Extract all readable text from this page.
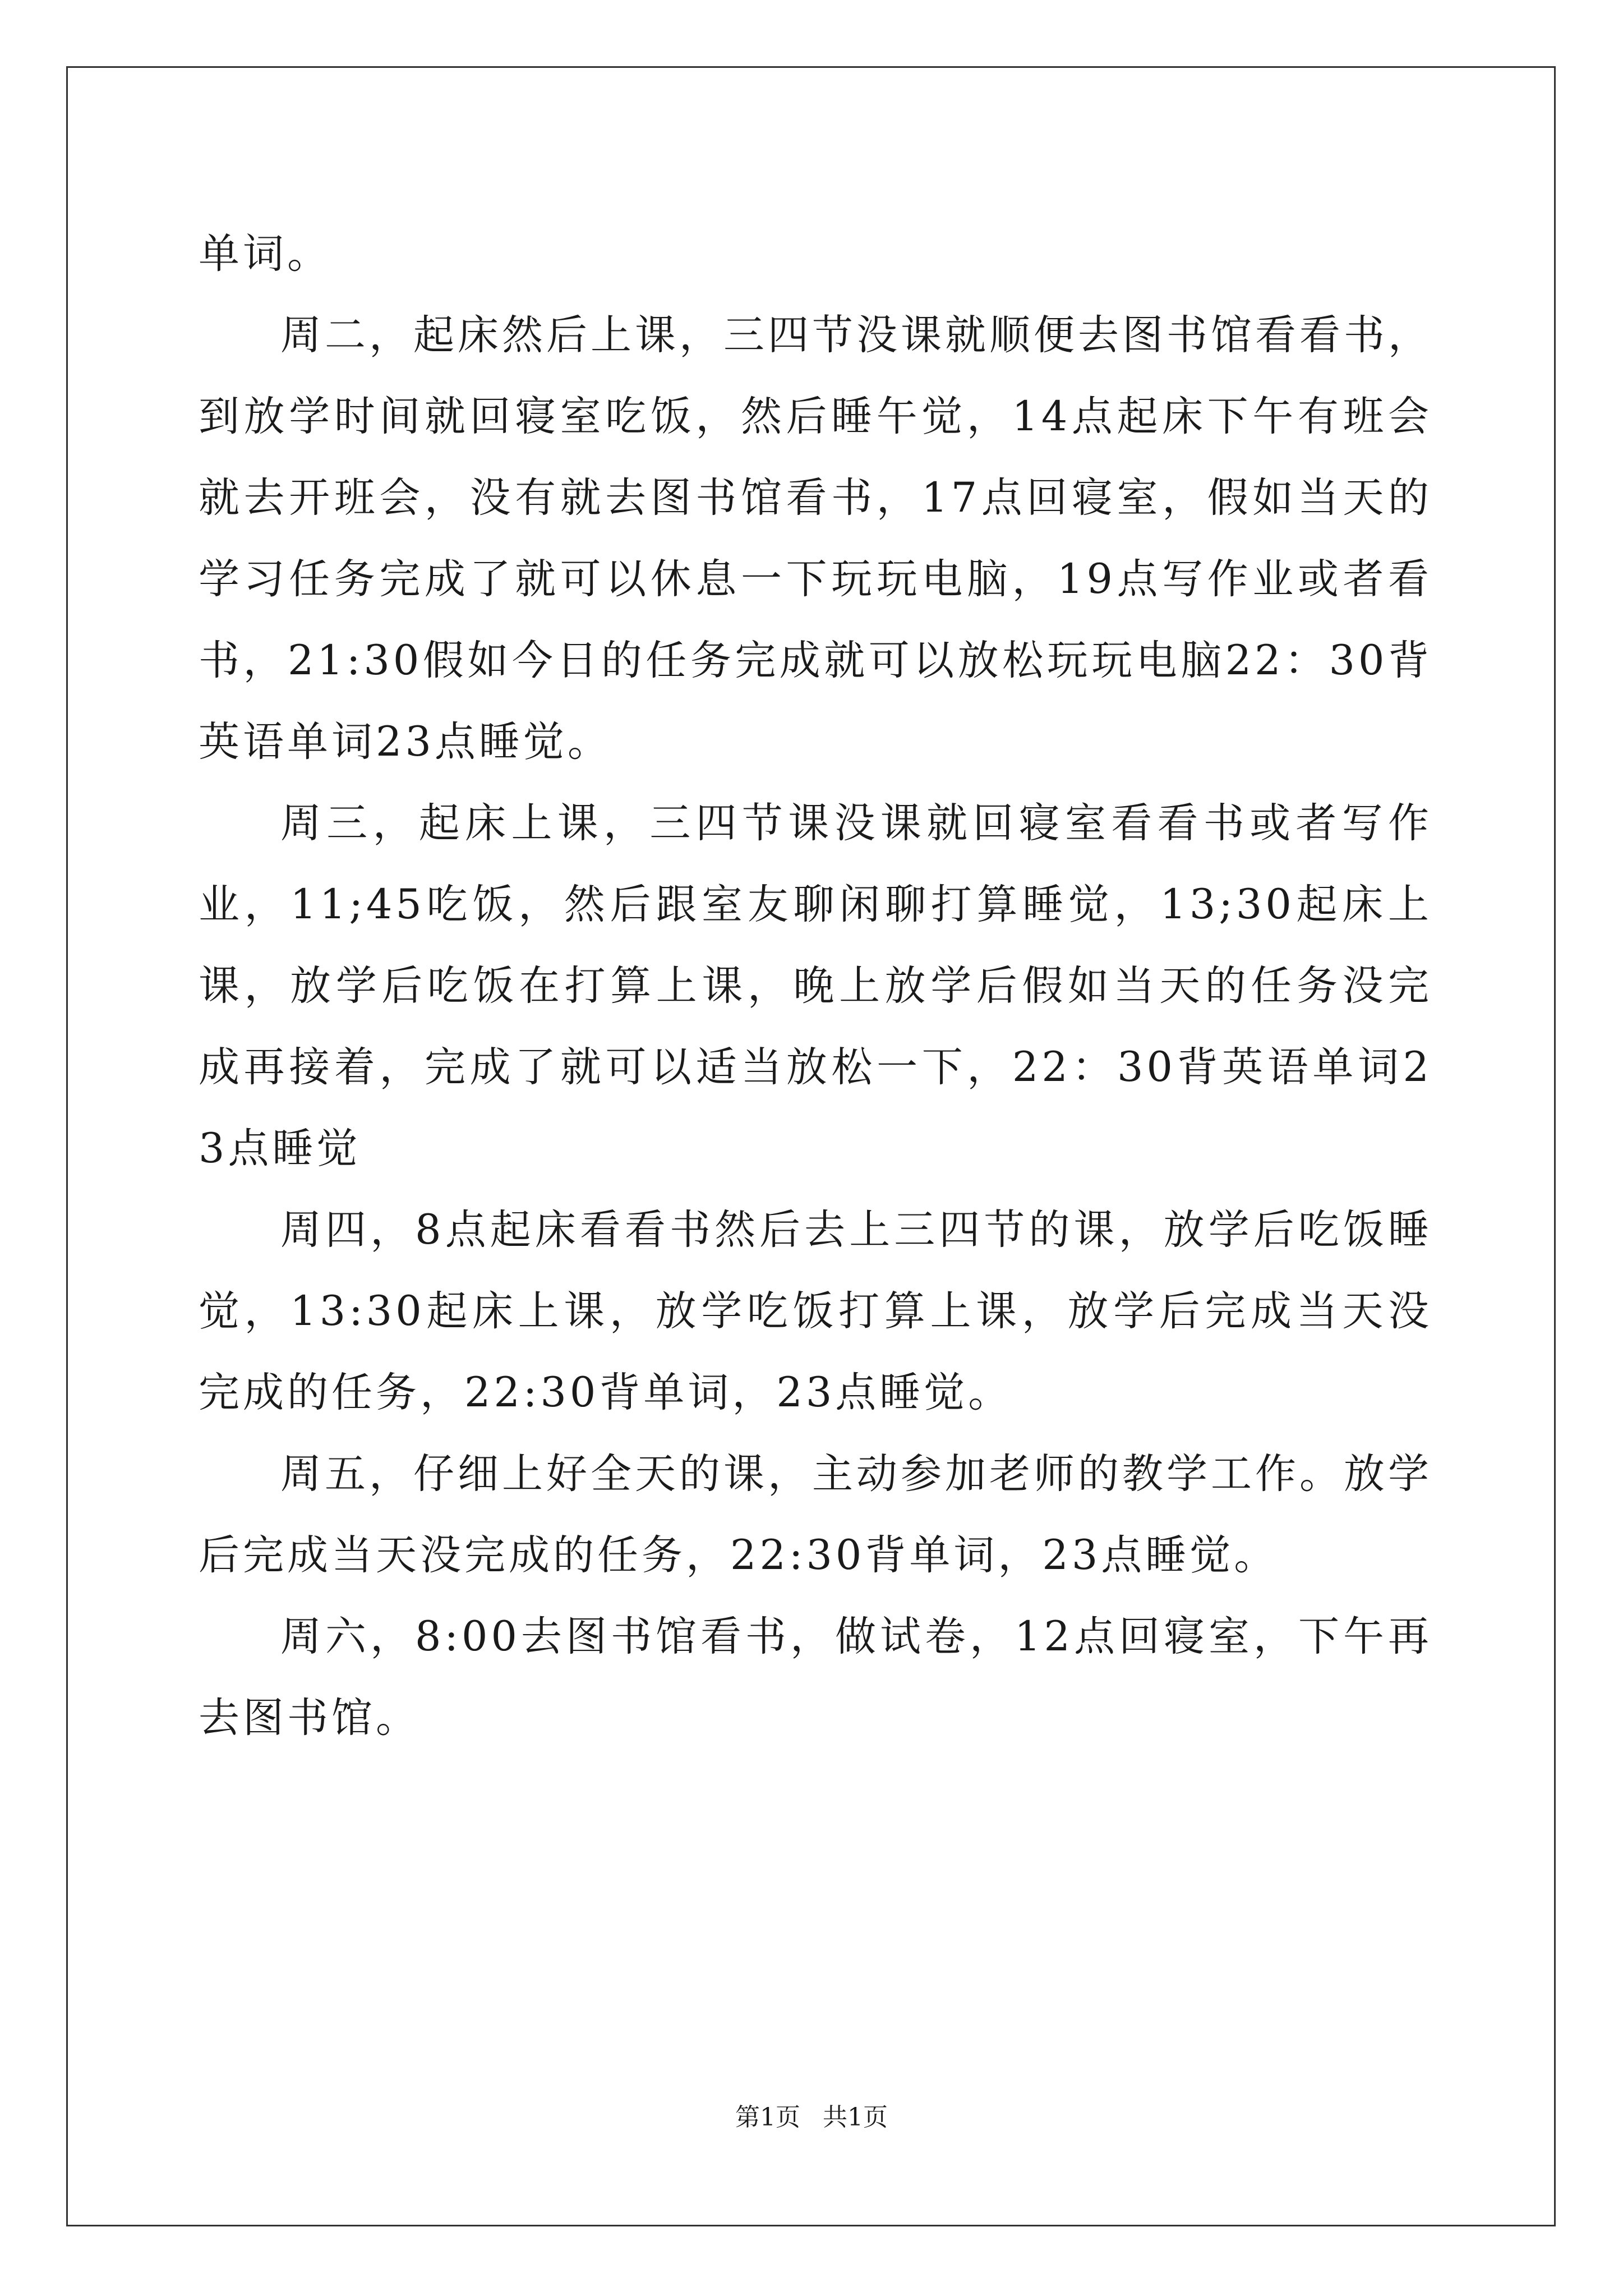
单词。

周二，起床然后上课，三四节没课就顺便去图书馆看看书，到放学时间就回寝室吃饭，然后睡午觉，14点起床下午有班会就去开班会，没有就去图书馆看书，17点回寝室，假如当天的学习任务完成了就可以休息一下玩玩电脑，19点写作业或者看书，21:30假如今日的任务完成就可以放松玩玩电脑22：30背英语单词23点睡觉。

周三，起床上课，三四节课没课就回寝室看看书或者写作业，11;45吃饭，然后跟室友聊闲聊打算睡觉，13;30起床上课，放学后吃饭在打算上课，晚上放学后假如当天的任务没完成再接着，完成了就可以适当放松一下，22：30背英语单词23点睡觉

周四，8点起床看看书然后去上三四节的课，放学后吃饭睡觉，13:30起床上课，放学吃饭打算上课，放学后完成当天没完成的任务，22:30背单词，23点睡觉。

周五，仔细上好全天的课，主动参加老师的教学工作。放学后完成当天没完成的任务，22:30背单词，23点睡觉。

周六，8:00去图书馆看书，做试卷，12点回寝室，下午再去图书馆。

第1页 共1页
